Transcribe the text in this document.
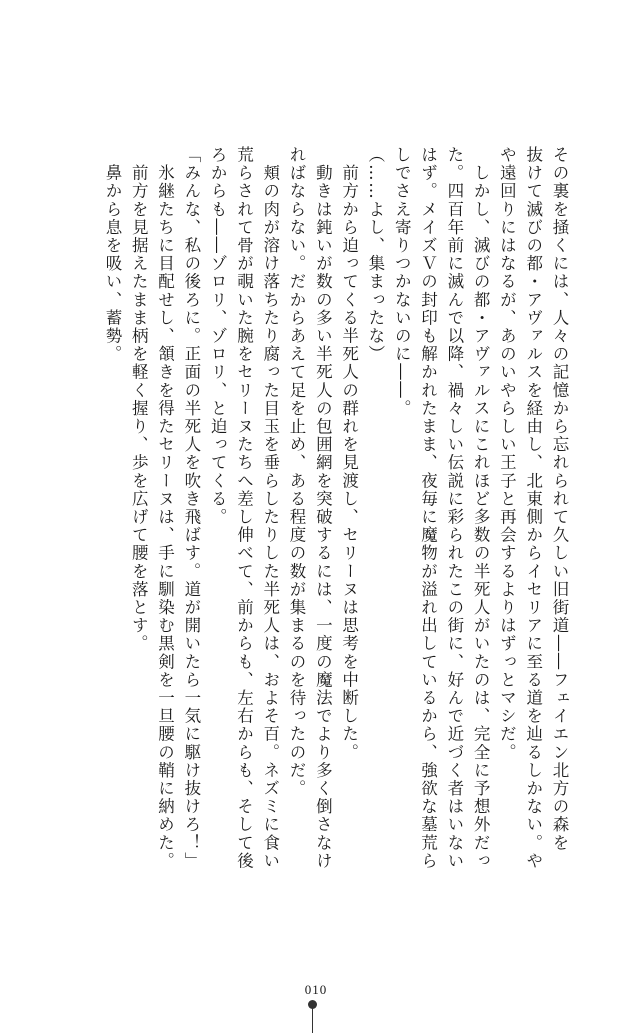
その裏を掻くには、人々の記憶から忘れられて久しい旧街道――フェイエン北方の森を
抜けて滅びの都・アヴァルスを経由し、北東側からイセリアに至る道を辿るしかない。や
や遠回りにはなるが、あのいやらしい王子と再会するよりはずっとマシだ。
　しかし、滅びの都・アヴァルスにこれほど多数の半死人がいたのは、完全に予想外だっ
た。四百年前に滅んで以降、禍々しい伝説に彩られたこの街に、好んで近づく者はいない
はず。メイズＶの封印も解かれたまま、夜毎に魔物が溢れ出しているから、強欲な墓荒ら
しでさえ寄りつかないのに――。
（……よし、集まったな）
　前方から迫ってくる半死人の群れを見渡し、セリーヌは思考を中断した。
　動きは鈍いが数の多い半死人の包囲網を突破するには、一度の魔法でより多く倒さなけ
ればならない。だからあえて足を止め、ある程度の数が集まるのを待ったのだ。
　頬の肉が溶け落ちたり腐った目玉を垂らしたりした半死人は、およそ百。ネズミに食い
荒らされて骨が覗いた腕をセリーヌたちへ差し伸べて、前からも、左右からも、そして後
ろからも――ゾロリ、ゾロリ、と迫ってくる。
「みんな、私の後ろに。正面の半死人を吹き飛ばす。道が開いたら一気に駆け抜けろ！」
　氷継たちに目配せし、頷きを得たセリーヌは、手に馴染む黒剣を一旦腰の鞘に納めた。
　前方を見据えたまま柄を軽く握り、歩を広げて腰を落とす。
　鼻から息を吸い、蓄勢。
010
